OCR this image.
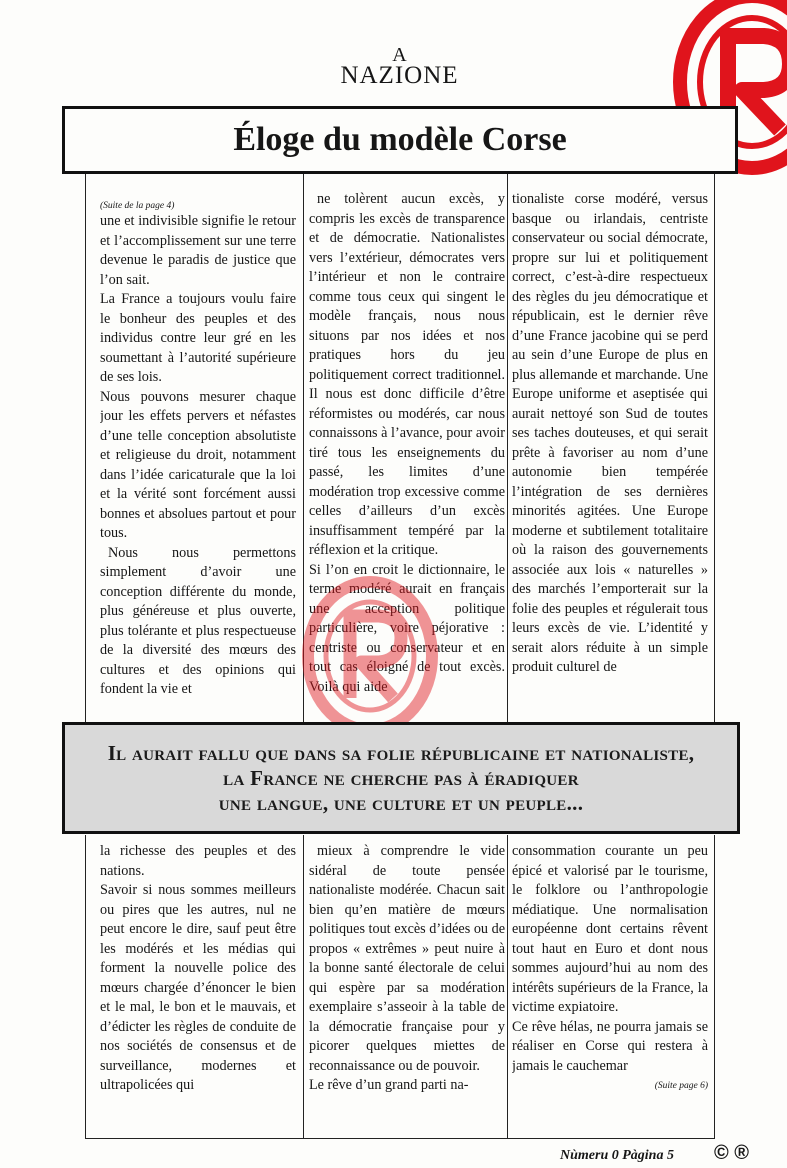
A
NAZIONE
Éloge du modèle Corse

(Suite de la page 4)

une et indivisible signifie le retour et l’accomplissement sur une terre devenue le paradis de justice que l’on sait.

La France a toujours voulu faire le bonheur des peuples et des individus contre leur gré en les soumettant à l’autorité supérieure de ses lois.

Nous pouvons mesurer chaque jour les effets pervers et néfastes d’une telle conception absolutiste et religieuse du droit, notamment dans l’idée caricaturale que la loi et la vérité sont forcément aussi bonnes et absolues partout et pour tous.

Nous nous permettons simplement d’avoir une conception différente du monde, plus généreuse et plus ouverte, plus tolérante et plus respectueuse de la diversité des mœurs des cultures et des opinions qui fondent la vie et

ne tolèrent aucun excès, y compris les excès de transparence et de démocratie. Nationalistes vers l’extérieur, démocrates vers l’intérieur et non le contraire comme tous ceux qui singent le modèle français, nous nous situons par nos idées et nos pratiques hors du jeu politiquement correct traditionnel. Il nous est donc difficile d’être réformistes ou modérés, car nous connaissons à l’avance, pour avoir tiré tous les enseignements du passé, les limites d’une modération trop excessive comme celles d’ailleurs d’un excès insuffisamment tempéré par la réflexion et la critique.

Si l’on en croit le dictionnaire, le terme modéré aurait en français une acception politique particulière, voire péjorative : centriste ou conservateur et en tout cas éloigné de tout excès. Voilà qui aide

tionaliste corse modéré, versus basque ou irlandais, centriste conservateur ou social démocrate, propre sur lui et politiquement correct, c’est-à-dire respectueux des règles du jeu démocratique et républicain, est le dernier rêve d’une France jacobine qui se perd au sein d’une Europe de plus en plus allemande et marchande. Une Europe uniforme et aseptisée qui aurait nettoyé son Sud de toutes ses taches douteuses, et qui serait prête à favoriser au nom d’une autonomie bien tempérée l’intégration de ses dernières minorités agitées. Une Europe moderne et subtilement totalitaire où la raison des gouvernements associée aux lois « naturelles » des marchés l’emporterait sur la folie des peuples et régulerait tous leurs excès de vie. L’identité y serait alors réduite à un simple produit culturel de

Il aurait fallu que dans sa folie républicaine et nationaliste,
la France ne cherche pas à éradiquer
une langue, une culture et un peuple...

la richesse des peuples et des nations.

Savoir si nous sommes meilleurs ou pires que les autres, nul ne peut encore le dire, sauf peut être les modérés et les médias qui forment la nouvelle police des mœurs chargée d’énoncer le bien et le mal, le bon et le mauvais, et d’édicter les règles de conduite de nos sociétés de consensus et de surveillance, modernes et ultrapolicées qui

mieux à comprendre le vide sidéral de toute pensée nationaliste modérée. Chacun sait bien qu’en matière de mœurs politiques tout excès d’idées ou de propos « extrêmes » peut nuire à la bonne santé électorale de celui qui espère par sa modération exemplaire s’asseoir à la table de la démocratie française pour y picorer quelques miettes de reconnaissance ou de pouvoir.

Le rêve d’un grand parti na-

consommation courante un peu épicé et valorisé par le tourisme, le folklore ou l’anthropologie médiatique. Une normalisation européenne dont certains rêvent tout haut en Euro et dont nous sommes aujourd’hui au nom des intérêts supérieurs de la France, la victime expiatoire.

Ce rêve hélas, ne pourra jamais se réaliser en Corse qui restera à jamais le cauchemar

(Suite page 6)

Nùmeru 0 Pàgina 5 © ®
